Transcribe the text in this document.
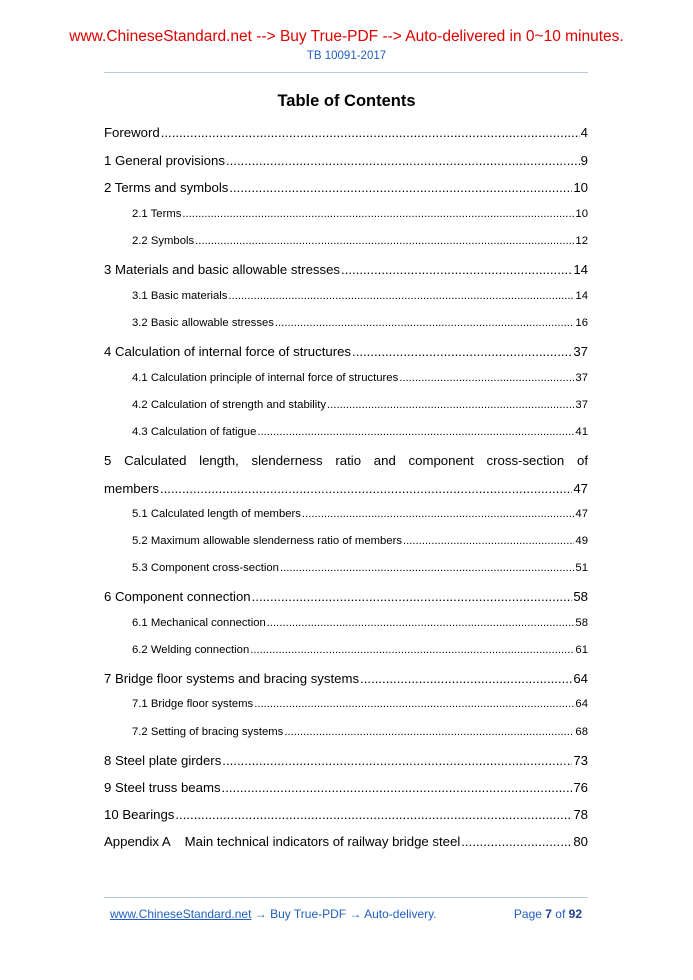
www.ChineseStandard.net --> Buy True-PDF --> Auto-delivered in 0~10 minutes.
TB 10091-2017
Table of Contents
Foreword .....	4
1 General provisions .....	9
2 Terms and symbols .....	10
2.1 Terms .....	10
2.2 Symbols .....	12
3 Materials and basic allowable stresses .....	14
3.1 Basic materials .....	14
3.2 Basic allowable stresses .....	16
4 Calculation of internal force of structures .....	37
4.1 Calculation principle of internal force of structures .....	37
4.2 Calculation of strength and stability .....	37
4.3 Calculation of fatigue .....	41
5 Calculated length, slenderness ratio and component cross-section of
members .....	47
5.1 Calculated length of members .....	47
5.2 Maximum allowable slenderness ratio of members .....	49
5.3 Component cross-section .....	51
6 Component connection .....	58
6.1 Mechanical connection .....	58
6.2 Welding connection .....	61
7 Bridge floor systems and bracing systems .....	64
7.1 Bridge floor systems .....	64
7.2 Setting of bracing systems .....	68
8 Steel plate girders .....	73
9 Steel truss beams .....	76
10 Bearings .....	78
Appendix A    Main technical indicators of railway bridge steel .....	80
www.ChineseStandard.net → Buy True-PDF → Auto-delivery.	Page 7 of 92
